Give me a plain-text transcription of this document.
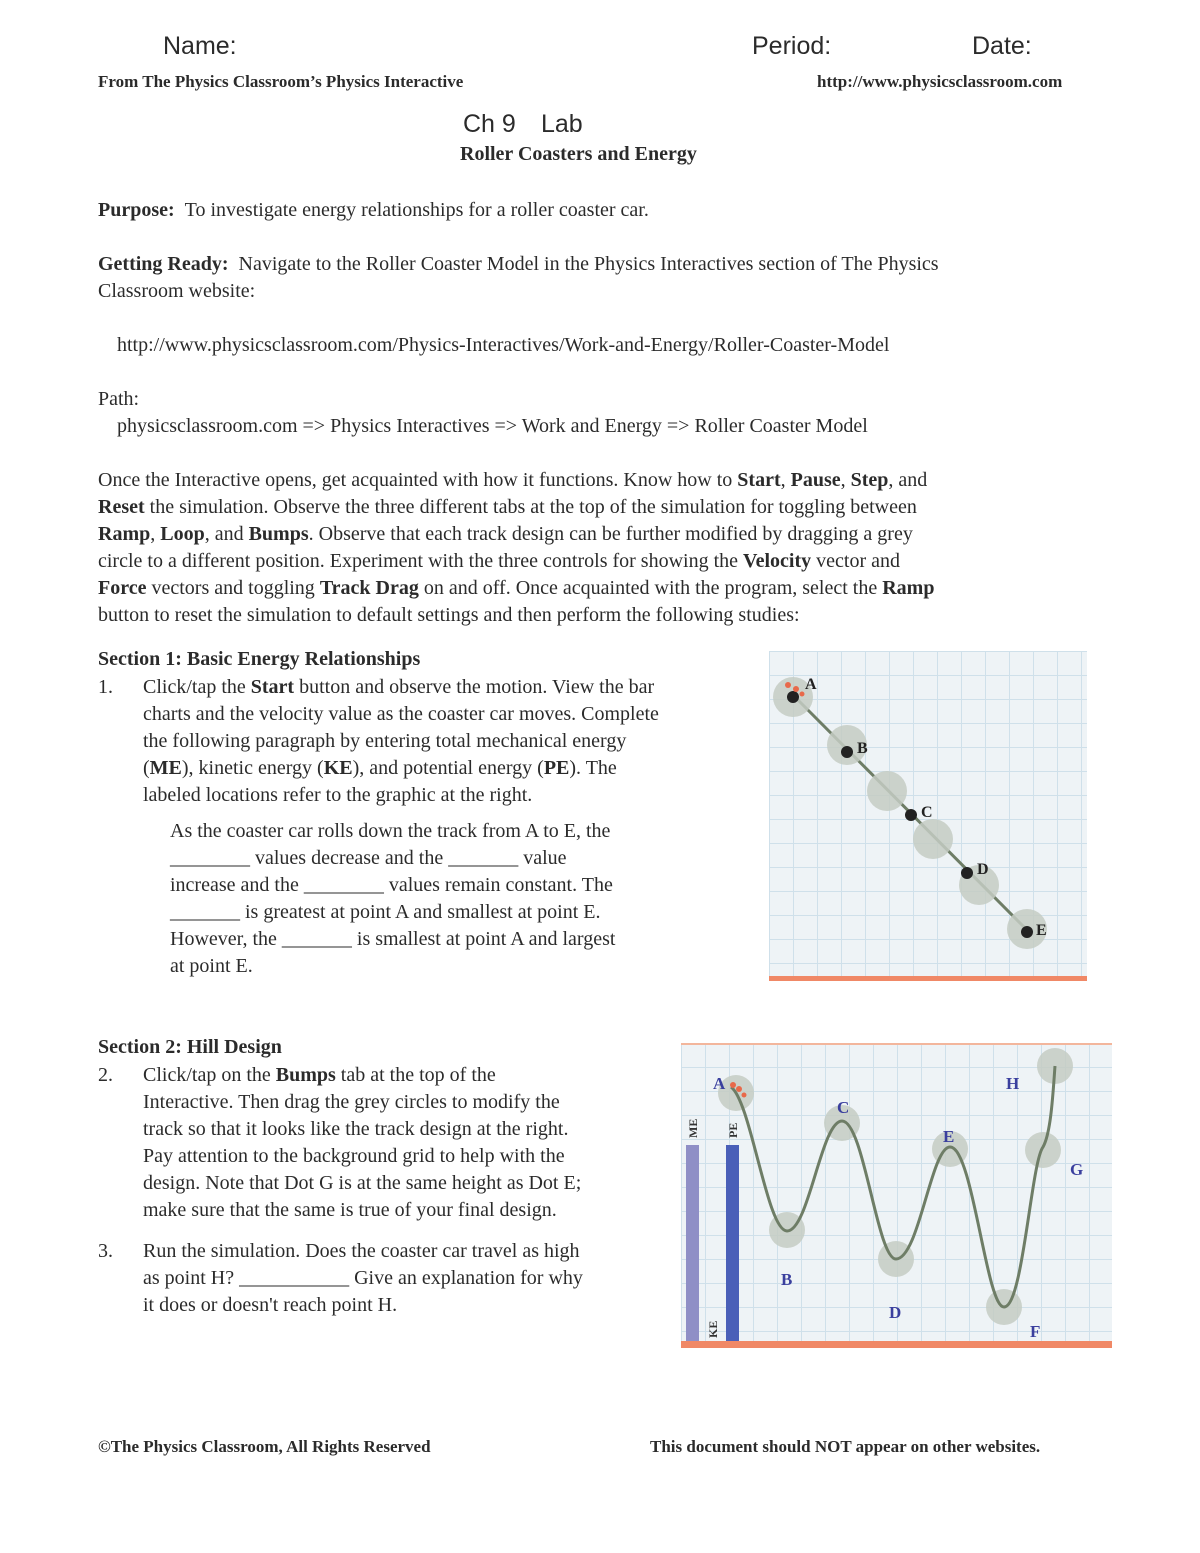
Name:	Period:	Date:
From The Physics Classroom’s Physics Interactive	http://www.physicsclassroom.com
Ch 9 Lab
Roller Coasters and Energy
Purpose: To investigate energy relationships for a roller coaster car.
Getting Ready: Navigate to the Roller Coaster Model in the Physics Interactives section of The Physics
Classroom website:
http://www.physicsclassroom.com/Physics-Interactives/Work-and-Energy/Roller-Coaster-Model
Path:
physicsclassroom.com => Physics Interactives => Work and Energy => Roller Coaster Model
Once the Interactive opens, get acquainted with how it functions. Know how to Start, Pause, Step, and
Reset the simulation. Observe the three different tabs at the top of the simulation for toggling between
Ramp, Loop, and Bumps. Observe that each track design can be further modified by dragging a grey
circle to a different position. Experiment with the three controls for showing the Velocity vector and
Force vectors and toggling Track Drag on and off. Once acquainted with the program, select the Ramp
button to reset the simulation to default settings and then perform the following studies:
Section 1: Basic Energy Relationships
1. Click/tap the Start button and observe the motion. View the bar
charts and the velocity value as the coaster car moves. Complete
the following paragraph by entering total mechanical energy
(ME), kinetic energy (KE), and potential energy (PE). The
labeled locations refer to the graphic at the right.
As the coaster car rolls down the track from A to E, the
________ values decrease and the _______ value
increase and the ________ values remain constant. The
_______ is greatest at point A and smallest at point E.
However, the _______ is smallest at point A and largest
at point E.
A
B
C
D
E
Section 2: Hill Design
2. Click/tap on the Bumps tab at the top of the
Interactive. Then drag the grey circles to modify the
track so that it looks like the track design at the right.
Pay attention to the background grid to help with the
design. Note that Dot G is at the same height as Dot E;
make sure that the same is true of your final design.
3. Run the simulation. Does the coaster car travel as high
as point H? ___________ Give an explanation for why
it does or doesn't reach point H.
ME PE
KE
A
B
C
D
E
F
G
H
©The Physics Classroom, All Rights Reserved	This document should NOT appear on other websites.
